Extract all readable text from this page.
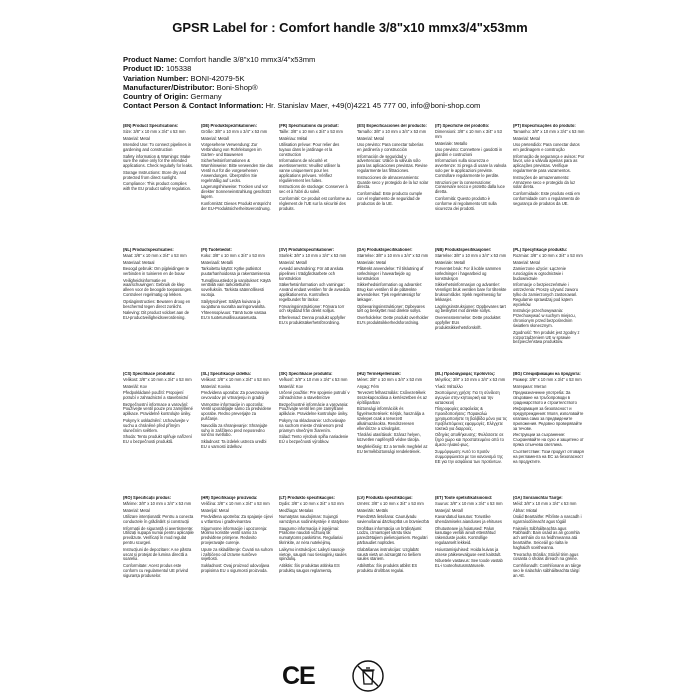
GPSR Label for : Comfort handle 3/8"x10 mmx3/4"x53mm
Product Name: Comfort handle 3/8"x10 mmx3/4"x53mm
Product ID: 105338
Variation Number: BONI-42079-5K
Manufacturer/Distributor: Boni-Shop®
Country of Origin: Germany
Contact Person & Contact Information: Hr. Stanislav Maer, +49(0)4221 45 777 00, info@boni-shop.com

(EN) Product Specifications:

Size: 3/8" x 10 mm x 3/4" x 53 mm

Material: Metal

Intended Use: To connect pipelines in gardening and construction

Safety information & Warnings: Make sure the valve only for the intended applications. Check regularly for leaks.

Storage Instructions: Store dry and protected from direct sunlight.

Compliance: This product complies with the EU product safety regulation.

(DE) Produktspezifikationen:

Größe: 3/8" x 10 mm x 3/4" x 53 mm

Material: Metall

Vorgesehene Verwendung: Zur Verbindung von Rohrleitungen im Garten- und Bauwesen

Sicherheitsinformationen & Warnhinweise: Bitte verwenden Sie das Ventil nur für die vorgesehenen Anwendungen. Überprüfen Sie regelmäßig auf Lecks.

Lagerungshinweise: Trocken und vor direkter Sonneneinstrahlung geschützt lagern.

Konformität: Dieses Produkt entspricht der EU-Produktsicherheitsverordnung.

(FR) Spécifications du produit:

Taille: 3/8" x 10 mm x 3/4" x 53 mm

Matériau: Métal

Utilisation prévue: Pour relier des tuyaux dans le jardinage et la construction

Informations de sécurité et avertissements: Veuillez utiliser la vanne uniquement pour les applications prévues. Vérifiez régulièrement les fuites.

Instructions de stockage: Conserver à sec et à l'abri du soleil.

Conformité: Ce produit est conforme au règlement de l'UE sur la sécurité des produits.

(ES) Especificaciones del producto:

Tamaño: 3/8" x 10 mm x 3/4" x 53 mm

Material: Metal

Uso previsto: Para conectar tuberías en jardinería y construcción

Información de seguridad y advertencias: Utilice la válvula sólo para las aplicaciones previstas. Revise regularmente las filtraciones.

Instrucciones de almacenamiento: Guarde seco y protegido de la luz solar directa.

Conformidad: Este producto cumple con el reglamento de seguridad de productos de la UE.

(IT) Specifiche del prodotto:

Dimensioni: 3/8" x 10 mm x 3/4" x 53 mm

Materiale: Metallo

Uso previsto: Connettere i gasdotti in giardini e costruzioni

Informazioni sulla sicurezza e avvertenze: Si prega di usare la valvola solo per le applicazioni previste. Controllare regolarmente le perdite.

Istruzioni per la conservazione: Conservare secco e protetto dalla luce diretta.

Conformità: Questo prodotto è conforme al regolamento UE sulla sicurezza dei prodotti.

(PT) Especificações do produto:

Tamanho: 3/8" x 10 mm x 3/4" x 53 mm

Material: Metal

Uso pretendido: Para conectar dutos em jardinagem e construção

Informação de segurança e avisos: Por favor, use a válvula apenas para as aplicações previstas. Verifique regularmente para vazamentos.

Instruções de armazenamento: Armazene seco e protegido da luz solar direta.

Conformidade: Este produto está em conformidade com o regulamento de segurança de produtos da UE.

(NL) Productspecificaties:

Maat: 3/8" x 10 mm x 3/4" x 53 mm

Materiaal: Metaal

Beoogd gebruik: Om pijpleidingen te verbinden in tuinieren en de bouw

Veiligheidsinformatie en waarschuwingen: Gebruik de klep alleen voor de beoogde toepassingen. Controleer regelmatig op lekken.

Opslaginstructies: Bewaren droog en beschermd tegen direct zonlicht.

Naleving: Dit product voldoet aan de EU-productveiligheidsverordening.

(FI) Tuotetiedot:

Koko: 3/8" x 10 mm x 3/4" x 53 mm

Materiaali: Metalli

Tarkoitettu käyttö: Kytke putkistot puutarhanhoidossa ja rakentamisessa

Turvallisuustiedot ja varoitukset: Käytä venttiiliä vain tarkoitettuihin sovelluksiin. Tarkista säännöllisesti vuotoja.

Säilytysohjeet: Säilytä kuivana ja suojattuna suoralta auringonvalolta.

Yhteensopivuus: Tämä tuote vastaa EU:n tuoteturvallisuusasetusta.

(SV) Produktspecifikationer:

Storlek: 3/8" x 10 mm x 3/4" x 53 mm

Material: Metall

Avsedd användning: För att ansluta pipelines i trädgårdsarbete och konstruktion

Säkerhetsinformation och varningar: Använd endast ventilen för de avsedda applikationerna. Kontrollera regelbundet för läckor.

Förvaringsinstruktioner: Förvara torr och skyddad från direkt solljus.

Efterlevnad: Denna produkt uppfyller EU:s produktsäkerhetsförordning.

(DA) Produktspecifikationer:

Størrelse: 3/8" x 10 mm x 3/4" x 53 mm

Materiale: Metal

Påtænkt anvendelse: Til tilslutning af rørledninger i havearbejde og konstruktion

Sikkerhedsinformation og advarsler: Brug kun ventilen til de påtænkte anvendelser. Tjek regelmæssigt for lækager.

Opbevaringsinstruktioner: Opbevares tørt og beskyttet mod direkte sollys.

Overholdelse: Dette produkt overholder EU's produktsikkerhedsforordning.

(NB) Produktspesifikasjoner:

Størrelse: 3/8" x 10 mm x 3/4" x 53 mm

Materiale: Metall

Forventet bruk: For å koble sammen rørledninger i hagearbeid og konstruksjon

Sikkerhetsinformasjon og advarsler: Vennligst bruk ventilen bare for tiltenkte bruksområder. Sjekk regelmessig for lekkasjer.

Lagringsinstruksjoner: Oppbevares tørt og beskyttet mot direkte sollys.

Overensstemmelse: Dette produktet oppfyller EUs produktsikkerhetsforskrift.

(PL) Specyfikacje produktu:

Rozmiar: 3/8" x 10 mm x 3/4" x 53 mm

Materiał: Metal

Zamierzone użycie: Łączenie rurociągów w ogrodnictwie i budownictwie

Informacje o bezpieczeństwie i ostrzeżenia: Proszę używać zaworu tylko do zamierzonych zastosowań. Regularnie sprawdzaj pod kątem wycieków.

Instrukcje przechowywania: Przechowywać w suchym miejscu, chronionym przed bezpośrednim światłem słonecznym.

Zgodność: Ten produkt jest zgodny z rozporządzeniem UE w sprawie bezpieczeństwa produktów.

(CS) Specifikace produktu:

Velikost: 3/8" x 10 mm x 3/4" x 53 mm

Materiál: Kov

Předpokládané použití: Propojení potrubí v zahradnictví a stavebnictví

Bezpečnostní informace a varování: Používejte ventil pouze pro zamýšlené aplikace. Pravidelně kontrolujte úniky.

Pokyny k uskladnění: Uchovávejte v suchu a chráněné před přímým slunečním světlem.

Shoda: Tento produkt splňuje nařízení EU o bezpečnosti produktů.

(SL) Specifikacije izdelka:

Velikost: 3/8" x 10 mm x 3/4" x 53 mm

Material: Kovina

Predvidena uporaba: Za povezovanje cevovodov pri vrtnarjenju in gradnji

Varnostne informacije in opozorila: Ventil uporabljajte samo za predvidene uporabe. Redno preverjajte za puščanje.

Navodila za shranjevanje: Shranjujte suho in zaščiteno pred neposredno sončno svetlobo.

Skladnost: Ta izdelek ustreza uredbi EU o varnosti izdelkov.

(SK) Špecifikácie produktu:

Veľkosť: 3/8" x 10 mm x 3/4" x 53 mm

Materiál: Kov

Určené použitie: Pre spojenie potrubí v záhradníctve a stavebníctve

Bezpečnostné informácie a varovania: Používajte ventil len pre zamýšľané aplikácie. Pravidelne kontrolujte úniky.

Pokyny na skladovanie: Uchovávajte na suchom mieste chránenom pred priamym slnečným žiarením.

Súlad: Tento výrobok spĺňa nariadenie EÚ o bezpečnosti výrobkov.

(HU) Termékjellemzők:

Méret: 3/8" x 10 mm x 3/4" x 53 mm

Anyag: Fém

Tervezett felhasználás: Csővezetékek összekapcsolása a kertészetben és az építőiparban

Biztonsági információk és figyelmeztetések: Kérjük, használja a szelepet csak a tervezett alkalmazásokra. Rendszeresen ellenőrizze a szivárgást.

Tárolási utasítások: Száraz helyen, közvetlen napfénytől védve tárolja.

Megfelelőség: Ez a termék megfelel az EU termékbiztonsági rendeletének.

(EL) Προδιαγραφές προϊόντος:

Μέγεθος: 3/8" x 10 mm x 3/4" x 53 mm

Υλικό: Μέταλλο

Σκοπούμενη χρήση: Για τη σύνδεση αγωγών στην κηπουρική και την κατασκευή

Πληροφορίες ασφαλείας & προειδοποιήσεις: Παρακαλώ χρησιμοποιήστε τη βαλβίδα μόνο για τις προβλεπόμενες εφαρμογές. Ελέγχετε τακτικά για διαρροές.

Οδηγίες αποθήκευσης: Φυλάσσετε σε ξηρό χώρο και προστατευμένο από το άμεσο ηλιακό φως.

Συμμόρφωση: Αυτό το προϊόν συμμορφώνεται με τον κανονισμό της ΕΕ για την ασφάλεια των προϊόντων.

(BG) Спецификации на продукта:

Размер: 3/8" x 10 mm x 3/4" x 53 mm

Материал: Метал

Предназначение употреба: За свързване на тръбопроводи в градинарството и строителството

Информация за безопасност и предупреждения: Моля, използвайте клапана само за предвидените приложения. Редовно проверявайте за течове.

Инструкции за съхранение: Съхранявайте на сухо и защитено от пряка слънчева светлина.

Съответствие: Този продукт отговаря на регламента на ЕС за безопасност на продуктите.

(RO) Specificații produs:

Mărime: 3/8" x 10 mm x 3/4" x 53 mm

Material: Metal

Utilizare intenționată: Pentru a conecta conductele în grădinărit și construcții

Informații de siguranță și avertismente: Utilizați supapa numai pentru aplicațiile prevăzute. Verificați în mod regulat pentru scurgeri.

Instrucțiuni de depozitare: A se păstra uscat și protejat de lumina directă a soarelui.

Conformitate: Acest produs este conform cu regulamentul UE privind siguranța produselor.

(HR) Specifikacije proizvoda:

Veličina: 3/8" x 10 mm x 3/4" x 53 mm

Materijal: Metal

Predviđena upotreba: Za spajanje cijevi u vrtlarstvu i građevinarstvu

Sigurnosne informacije i upozorenja: Molimo koristite ventil samo za predviđene primjene. Redovito provjeravajte curenje.

Upute za skladištenje: Čuvati na suhom i zaštićeno od izravne sunčeve svjetlosti.

Sukladnost: Ovaj proizvod udovoljava propisima EU o sigurnosti proizvoda.

(LT) Produkto specifikacijos:

Dydis: 3/8" x 10 mm x 3/4" x 53 mm

Medžiaga: Metalas

Numatytas naudojimas: Sujungti vamzdynus sodininkystėje ir statybose

Saugumo informacija ir įspėjimai: Prašome naudoti vožtuvą tik numatytoms paskirtims. Reguliariai tikrinkite, ar nėra nutekėjimų.

Laikymo instrukcijos: Laikyti sausoje vietoje, saugoti nuo tiesioginių saulės spindulių.

Atitiktis: Šis produktas atitinka ES produktų saugos reglamentą.

(LV) Produkta specifikācijas:

Izmērs: 3/8" x 10 mm x 3/4" x 53 mm

Materiāls: Metāls

Paredzētā lietošana: Cauruļvadu savienošanai dārzkopībā un būvniecībā

Drošības informācija un brīdinājumi: Lūdzu, izmantojiet vārstu tikai paredzētajiem pielietojumiem. Regulāri pārbaudiet noplūdes.

Glabāšanas instrukcijas: Uzglabāt sausā vietā un aizsargāt no tiešiem saules stariem.

Atbilstība: Šis produkts atbilst ES produktu drošības regulai.

(ET) Toote spetsifikatsioonid:

Suurus: 3/8" x 10 mm x 3/4" x 53 mm

Materjal: Metall

Kavandatud kasutus: Torustike ühendamiseks aianduses ja ehituses

Ohutusteave ja hoiatused: Palun kasutage ventiili ainult ettenähtud rakenduste jaoks. Kontrollige regulaarselt lekkeid.

Hoiustamisjuhised: Hoida kuivas ja otsese päikesevalguse eest kaitstult.

Nõuetele vastavus: See toode vastab EL-i tooteohutusmäärusele.

(GA) Sonraíochtaí Táirge:

Méid: 3/8" x 10 mm x 3/4" x 53 mm

Ábhar: Miotal

Úsáid Beartaithe: Píblínte a nascadh i ngarraíodóireacht agus tógáil

Faisnéis Sábháilteachta agus Rabhaidh: Bain úsáid as an gcomhla ach amháin do na feidhmeanna atá beartaithe. Seiceáil go rialta le haghaidh sceitheanna.

Treoracha Stórála: Stóráil tirim agus cosanta ó sholas díreach na gréine.

Comhlíonadh: Comhlíonann an táirge seo le rialachán sábháilteachta táirgí an AE.

CE
